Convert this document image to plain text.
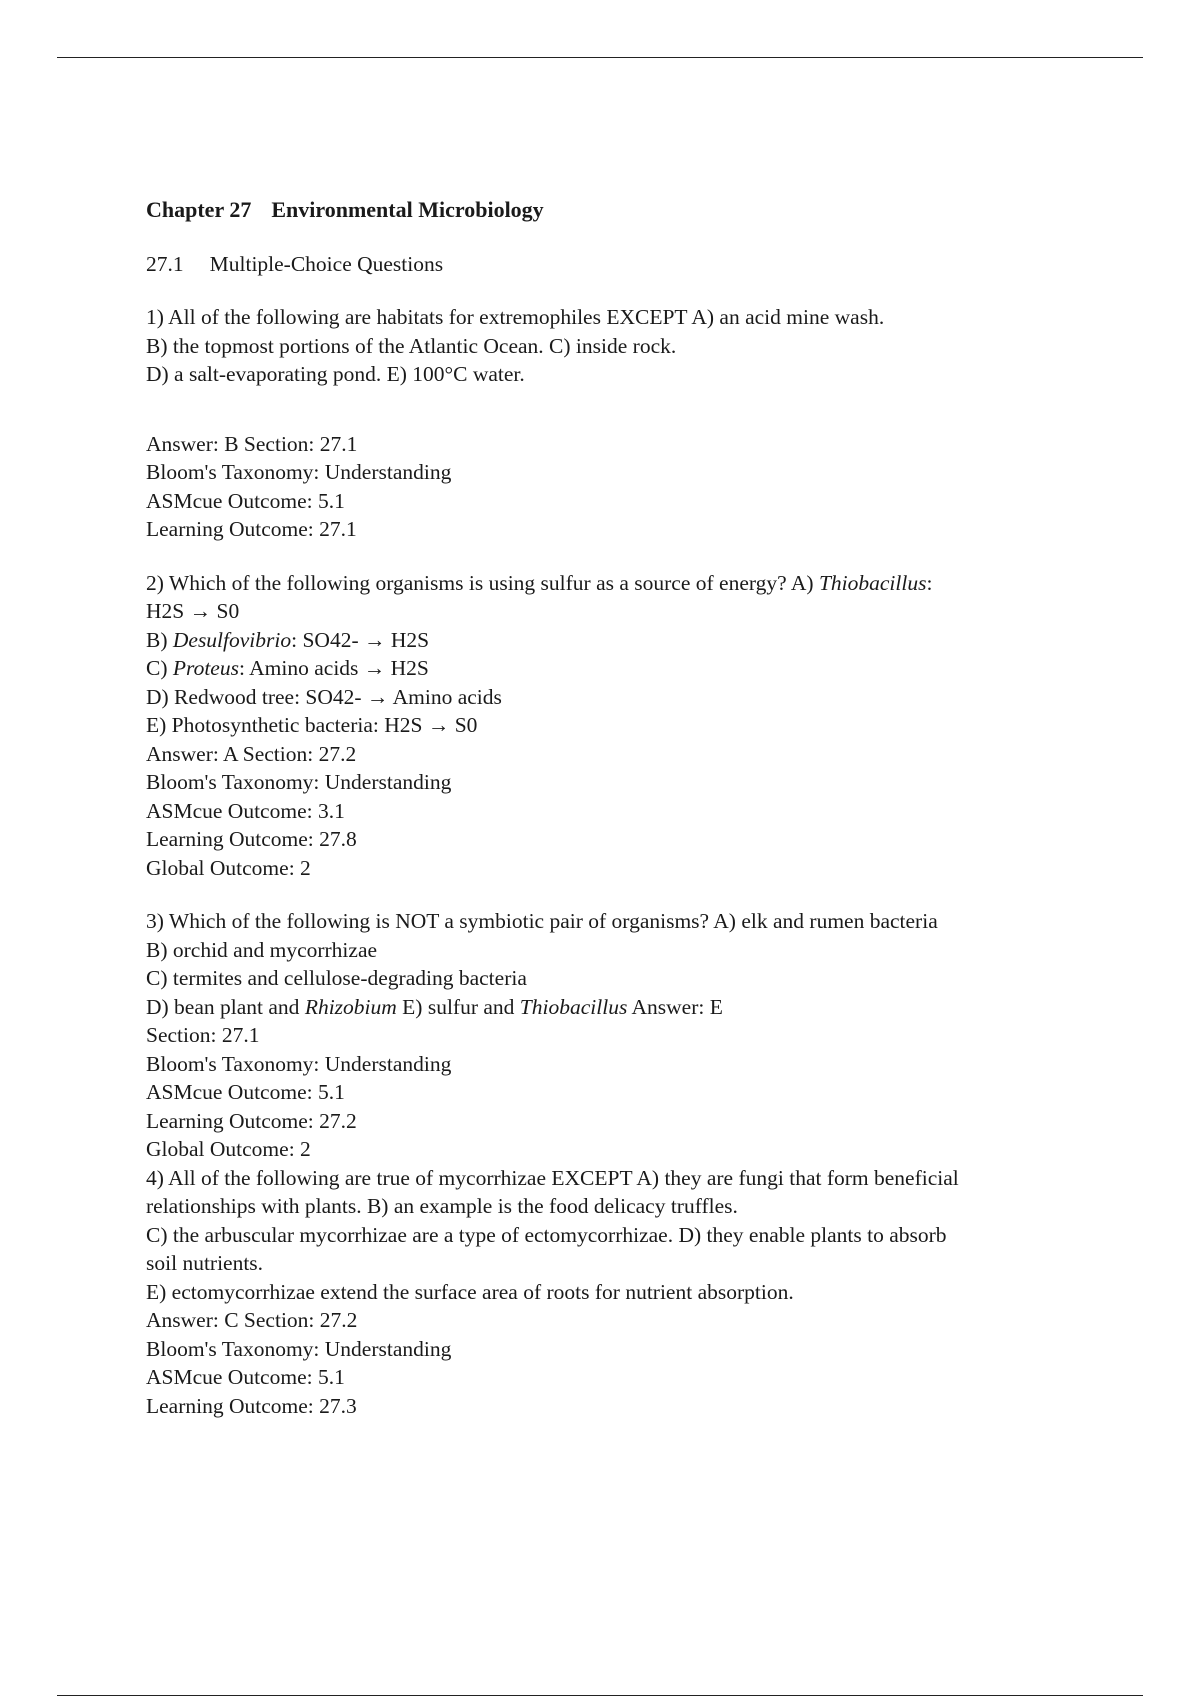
Chapter 27 Environmental Microbiology
27.1 Multiple-Choice Questions

1) All of the following are habitats for extremophiles EXCEPT A) an acid mine wash.

B) the topmost portions of the Atlantic Ocean. C) inside rock.

D) a salt-evaporating pond. E) 100°C water.

Answer: B Section: 27.1

Bloom's Taxonomy: Understanding

ASMcue Outcome: 5.1

Learning Outcome: 27.1

2) Which of the following organisms is using sulfur as a source of energy? A) Thiobacillus:

H2S → S0

B) Desulfovibrio: SO42- → H2S

C) Proteus: Amino acids → H2S

D) Redwood tree: SO42- → Amino acids

E) Photosynthetic bacteria: H2S → S0

Answer: A Section: 27.2

Bloom's Taxonomy: Understanding

ASMcue Outcome: 3.1

Learning Outcome: 27.8

Global Outcome: 2

3) Which of the following is NOT a symbiotic pair of organisms? A) elk and rumen bacteria

B) orchid and mycorrhizae

C) termites and cellulose-degrading bacteria

D) bean plant and Rhizobium E) sulfur and Thiobacillus Answer: E

Section: 27.1

Bloom's Taxonomy: Understanding

ASMcue Outcome: 5.1

Learning Outcome: 27.2

Global Outcome: 2

4) All of the following are true of mycorrhizae EXCEPT A) they are fungi that form beneficial

relationships with plants. B) an example is the food delicacy truffles.

C) the arbuscular mycorrhizae are a type of ectomycorrhizae. D) they enable plants to absorb

soil nutrients.

E) ectomycorrhizae extend the surface area of roots for nutrient absorption.

Answer: C Section: 27.2

Bloom's Taxonomy: Understanding

ASMcue Outcome: 5.1

Learning Outcome: 27.3
